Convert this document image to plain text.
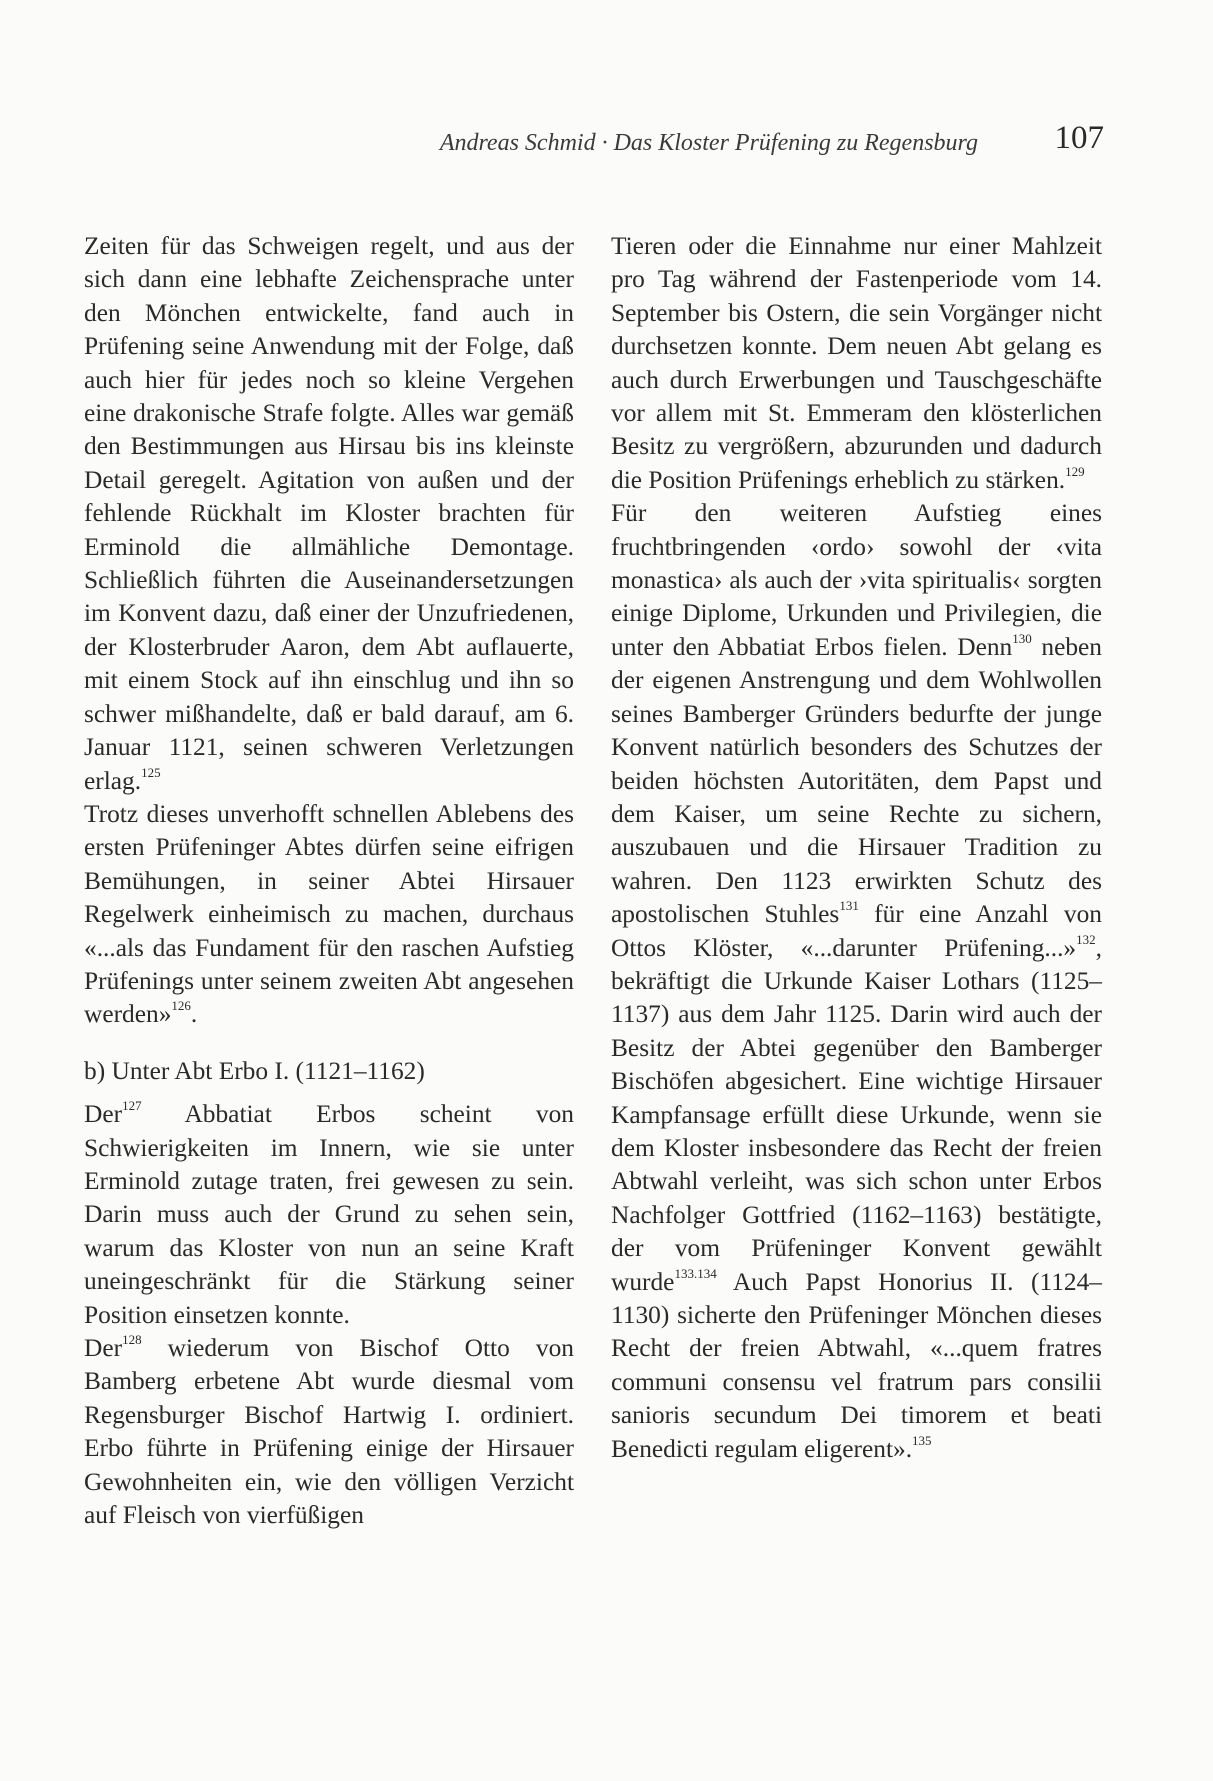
Andreas Schmid · Das Kloster Prüfening zu Regensburg 107

Zeiten für das Schweigen regelt, und aus der sich dann eine lebhafte Zeichensprache unter den Mönchen entwickelte, fand auch in Prüfening seine Anwendung mit der Folge, daß auch hier für jedes noch so kleine Vergehen eine drakonische Strafe folgte. Alles war gemäß den Bestimmungen aus Hirsau bis ins kleinste Detail geregelt. Agitation von außen und der fehlende Rückhalt im Kloster brachten für Erminold die allmähliche Demontage. Schließlich führten die Auseinandersetzungen im Konvent dazu, daß einer der Unzufriedenen, der Klosterbruder Aaron, dem Abt auflauerte, mit einem Stock auf ihn einschlug und ihn so schwer mißhandelte, daß er bald darauf, am 6. Januar 1121, seinen schweren Verletzungen erlag.$^{125}$

Trotz dieses unverhofft schnellen Ablebens des ersten Prüfeninger Abtes dürfen seine eifrigen Bemühungen, in seiner Abtei Hirsauer Regelwerk einheimisch zu machen, durchaus «...als das Fundament für den raschen Aufstieg Prüfenings unter seinem zweiten Abt angesehen werden»$^{126}$.

b) Unter Abt Erbo I. (1121–1162)

Der$^{127}$ Abbatiat Erbos scheint von Schwierigkeiten im Innern, wie sie unter Erminold zutage traten, frei gewesen zu sein. Darin muss auch der Grund zu sehen sein, warum das Kloster von nun an seine Kraft uneingeschränkt für die Stärkung seiner Position einsetzen konnte.

Der$^{128}$ wiederum von Bischof Otto von Bamberg erbetene Abt wurde diesmal vom Regensburger Bischof Hartwig I. ordiniert. Erbo führte in Prüfening einige der Hirsauer Gewohnheiten ein, wie den völligen Verzicht auf Fleisch von vierfüßigen

Tieren oder die Einnahme nur einer Mahlzeit pro Tag während der Fastenperiode vom 14. September bis Ostern, die sein Vorgänger nicht durchsetzen konnte. Dem neuen Abt gelang es auch durch Erwerbungen und Tauschgeschäfte vor allem mit St. Emmeram den klösterlichen Besitz zu vergrößern, abzurunden und dadurch die Position Prüfenings erheblich zu stärken.$^{129}$

Für den weiteren Aufstieg eines fruchtbringenden ‹ordo› sowohl der ‹vita monastica› als auch der ›vita spiritualis‹ sorgten einige Diplome, Urkunden und Privilegien, die unter den Abbatiat Erbos fielen. Denn$^{130}$ neben der eigenen Anstrengung und dem Wohlwollen seines Bamberger Gründers bedurfte der junge Konvent natürlich besonders des Schutzes der beiden höchsten Autoritäten, dem Papst und dem Kaiser, um seine Rechte zu sichern, auszubauen und die Hirsauer Tradition zu wahren. Den 1123 erwirkten Schutz des apostolischen Stuhles$^{131}$ für eine Anzahl von Ottos Klöster, «...darunter Prüfening...»$^{132}$, bekräftigt die Urkunde Kaiser Lothars (1125–1137) aus dem Jahr 1125. Darin wird auch der Besitz der Abtei gegenüber den Bamberger Bischöfen abgesichert. Eine wichtige Hirsauer Kampfansage erfüllt diese Urkunde, wenn sie dem Kloster insbesondere das Recht der freien Abtwahl verleiht, was sich schon unter Erbos Nachfolger Gottfried (1162–1163) bestätigte, der vom Prüfeninger Konvent gewählt wurde$^{133.134}$ Auch Papst Honorius II. (1124–1130) sicherte den Prüfeninger Mönchen dieses Recht der freien Abtwahl, «...quem fratres communi consensu vel fratrum pars consilii sanioris secundum Dei timorem et beati Benedicti regulam eligerent».$^{135}$
